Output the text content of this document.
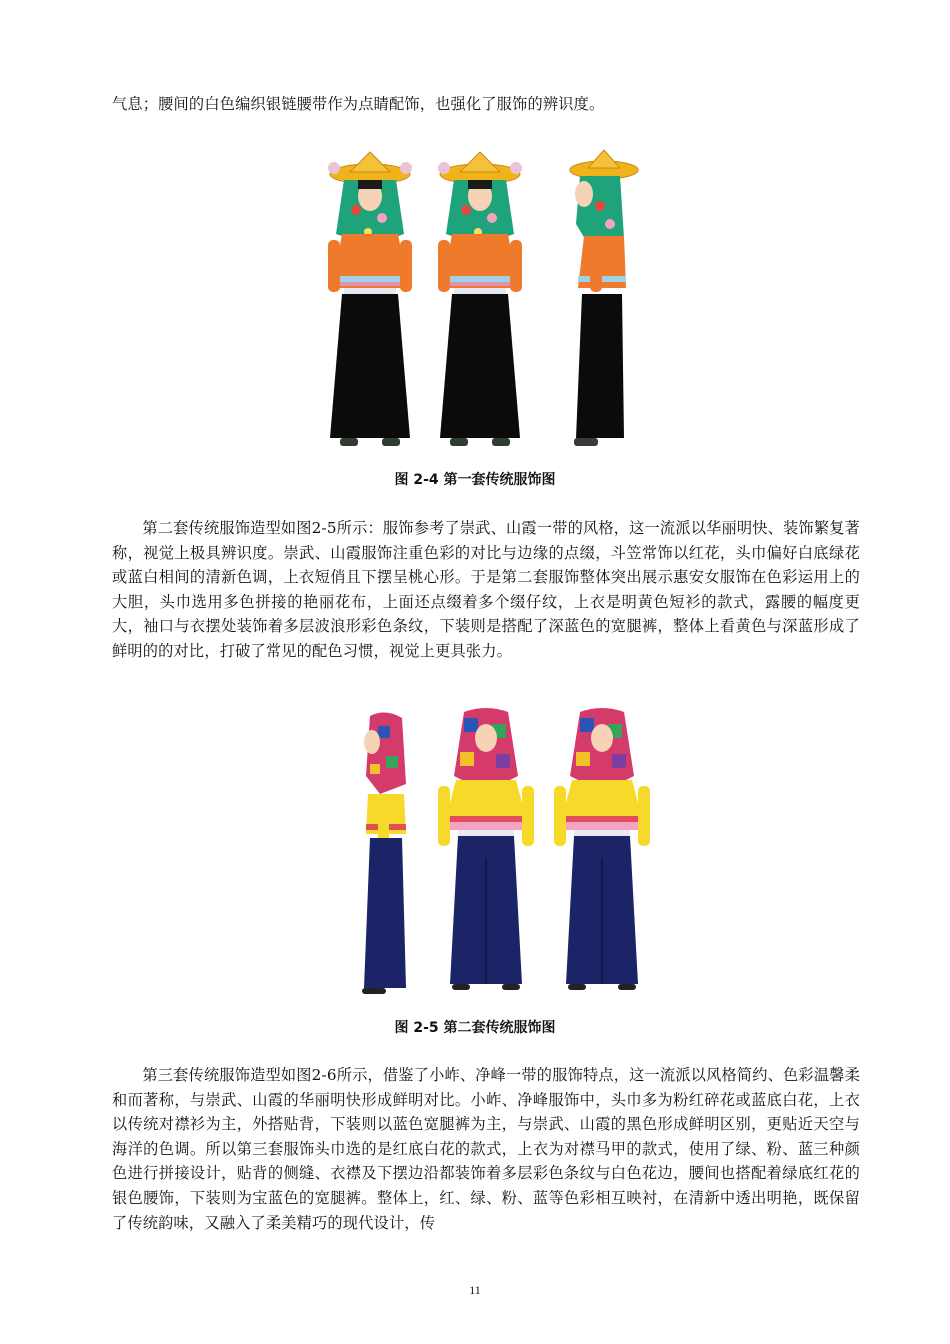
气息；腰间的白色编织银链腰带作为点睛配饰，也强化了服饰的辨识度。

图 2-4 第一套传统服饰图

第二套传统服饰造型如图2-5所示：服饰参考了崇武、山霞一带的风格，这一流派以华丽明快、装饰繁复著称，视觉上极具辨识度。崇武、山霞服饰注重色彩的对比与边缘的点缀，斗笠常饰以红花，头巾偏好白底绿花或蓝白相间的清新色调，上衣短俏且下摆呈桃心形。于是第二套服饰整体突出展示惠安女服饰在色彩运用上的大胆，头巾选用多色拼接的艳丽花布，上面还点缀着多个缀仔纹，上衣是明黄色短衫的款式，露腰的幅度更大，袖口与衣摆处装饰着多层波浪形彩色条纹，下装则是搭配了深蓝色的宽腿裤，整体上看黄色与深蓝形成了鲜明的的对比，打破了常见的配色习惯，视觉上更具张力。

图 2-5 第二套传统服饰图

第三套传统服饰造型如图2-6所示，借鉴了小岞、净峰一带的服饰特点，这一流派以风格简约、色彩温馨柔和而著称，与崇武、山霞的华丽明快形成鲜明对比。小岞、净峰服饰中，头巾多为粉红碎花或蓝底白花，上衣以传统对襟衫为主，外搭贴背，下装则以蓝色宽腿裤为主，与崇武、山霞的黑色形成鲜明区别，更贴近天空与海洋的色调。所以第三套服饰头巾选的是红底白花的款式，上衣为对襟马甲的款式，使用了绿、粉、蓝三种颜色进行拼接设计，贴背的侧缝、衣襟及下摆边沿都装饰着多层彩色条纹与白色花边，腰间也搭配着绿底红花的银色腰饰，下装则为宝蓝色的宽腿裤。整体上，红、绿、粉、蓝等色彩相互映衬，在清新中透出明艳，既保留了传统韵味，又融入了柔美精巧的现代设计，传

11
